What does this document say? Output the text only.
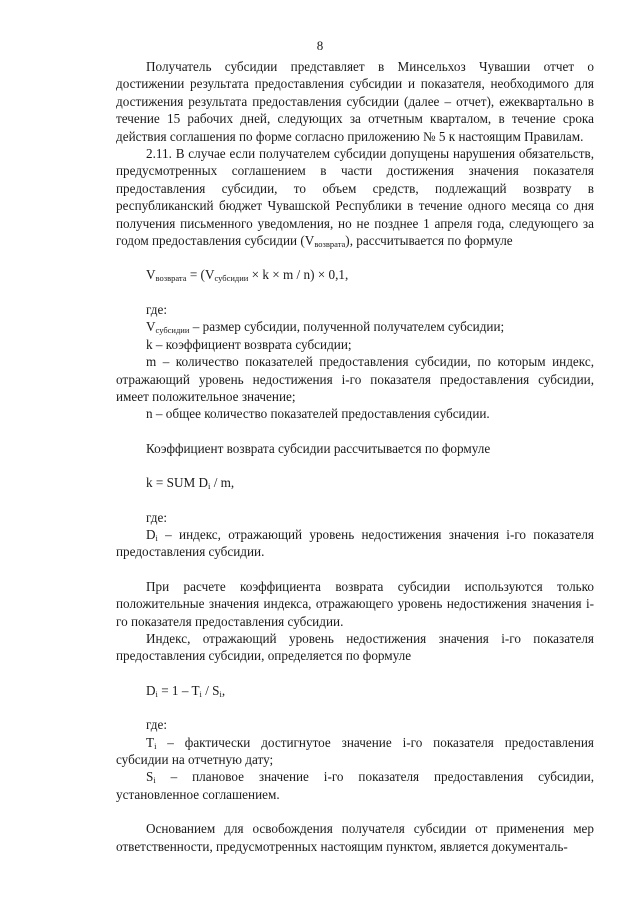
8

Получатель субсидии представляет в Минсельхоз Чувашии отчет о достижении результата предоставления субсидии и показателя, необходимого для достижения результата предоставления субсидии (далее – отчет), ежеквартально в течение 15 рабочих дней, следующих за отчетным кварталом, в течение срока действия соглашения по форме согласно приложению № 5 к настоящим Правилам.

2.11. В случае если получателем субсидии допущены нарушения обязательств, предусмотренных соглашением в части достижения значения показателя предоставления субсидии, то объем средств, подлежащий возврату в республиканский бюджет Чувашской Республики в течение одного месяца со дня получения письменного уведомления, но не позднее 1 апреля года, следующего за годом предоставления субсидии $(V_{возврата})$, рассчитывается по формуле

$V_{возврата} = (V_{субсидии} \times k \times m / n) \times 0,1$,

где:

$V_{субсидии}$ – размер субсидии, полученной получателем субсидии;

k – коэффициент возврата субсидии;

m – количество показателей предоставления субсидии, по которым индекс, отражающий уровень недостижения i-го показателя предоставления субсидии, имеет положительное значение;

n – общее количество показателей предоставления субсидии.

Коэффициент возврата субсидии рассчитывается по формуле

k = SUM $D_i$ / m,

где:

$D_i$ – индекс, отражающий уровень недостижения значения i-го показателя предоставления субсидии.

При расчете коэффициента возврата субсидии используются только положительные значения индекса, отражающего уровень недостижения значения i-го показателя предоставления субсидии.

Индекс, отражающий уровень недостижения значения i-го показателя предоставления субсидии, определяется по формуле

$D_i = 1 - T_i / S_i$,

где:

$T_i$ – фактически достигнутое значение i-го показателя предоставления субсидии на отчетную дату;

$S_i$ – плановое значение i-го показателя предоставления субсидии, установленное соглашением.

Основанием для освобождения получателя субсидии от применения мер ответственности, предусмотренных настоящим пунктом, является документаль-
